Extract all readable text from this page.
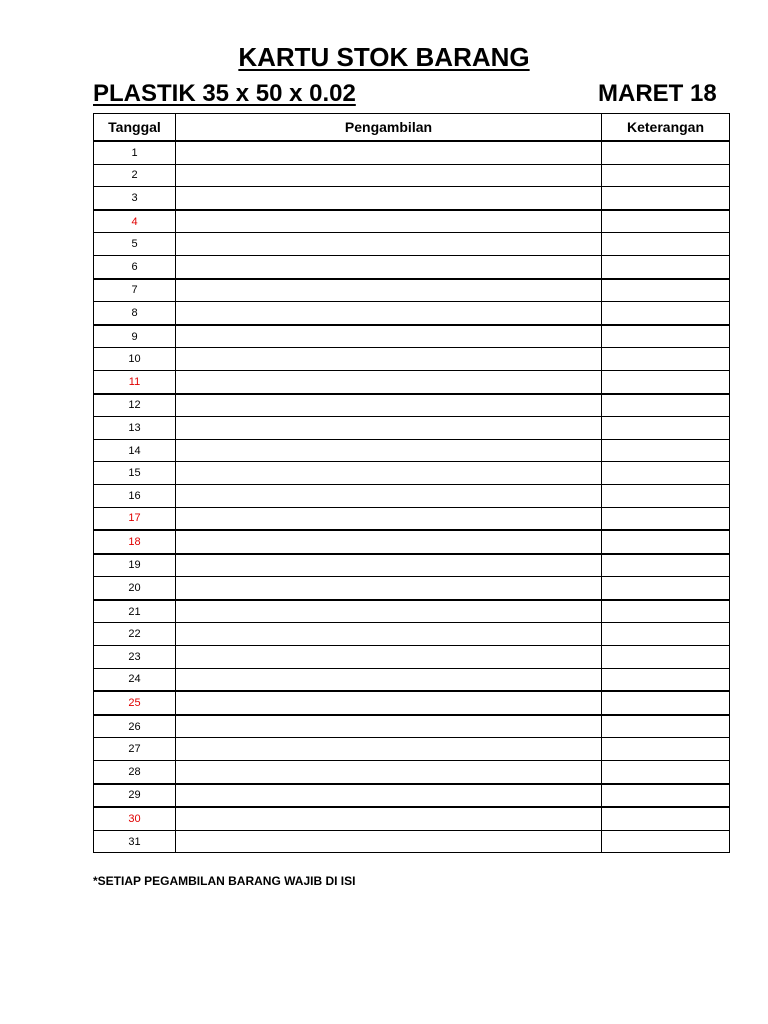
KARTU STOK BARANG
PLASTIK 35 x 50 x 0.02	MARET 18
Tanggal	Pengambilan	Keterangan
1		
2		
3		
4		
5		
6		
7		
8		
9		
10		
11		
12		
13		
14		
15		
16		
17		
18		
19		
20		
21		
22		
23		
24		
25		
26		
27		
28		
29		
30		
31		
*SETIAP PEGAMBILAN BARANG WAJIB DI ISI
